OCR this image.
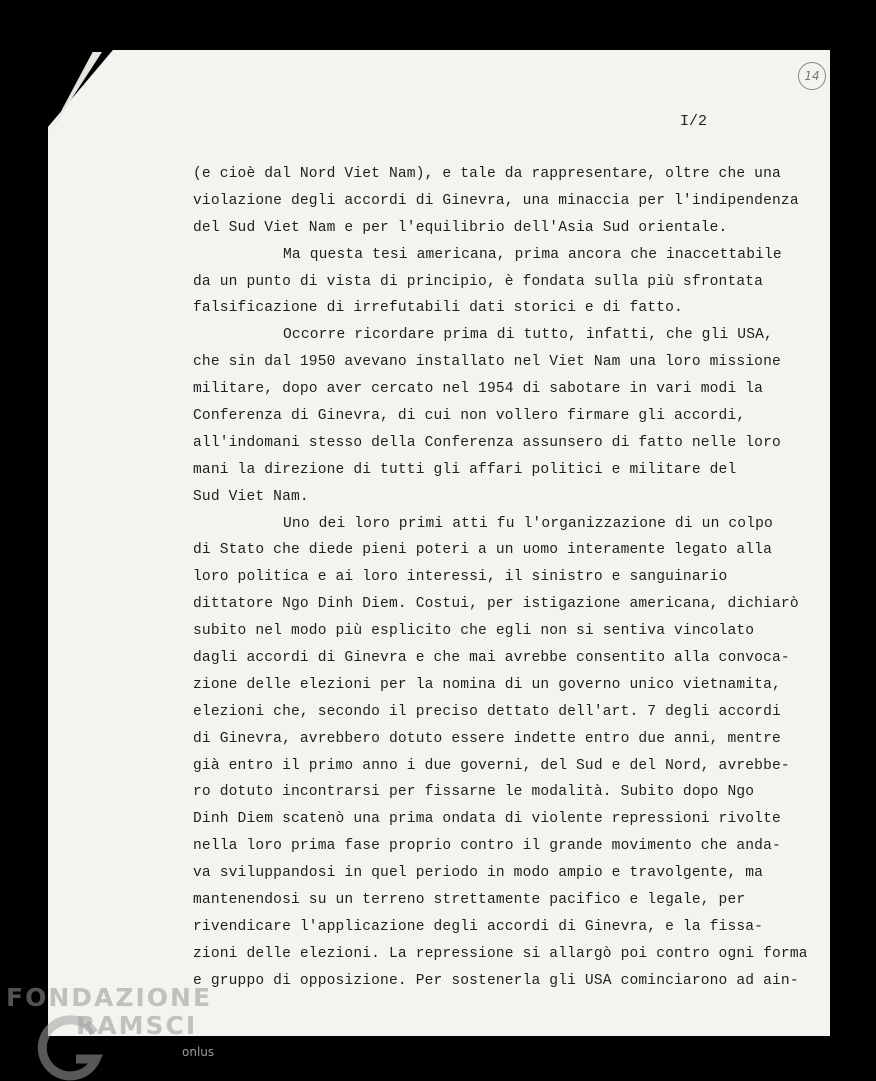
14
I/2
(e cioè dal Nord Viet Nam), e tale da rappresentare, oltre che una
violazione degli accordi di Ginevra, una minaccia per l'indipendenza
del Sud Viet Nam e per l'equilibrio dell'Asia Sud orientale.
Ma questa tesi americana, prima ancora che inaccettabile
da un punto di vista di principio, è fondata sulla più sfrontata
falsificazione di irrefutabili dati storici e di fatto.
Occorre ricordare prima di tutto, infatti, che gli USA,
che sin dal 1950 avevano installato nel Viet Nam una loro missione
militare, dopo aver cercato nel 1954 di sabotare in vari modi la
Conferenza di Ginevra, di cui non vollero firmare gli accordi,
all'indomani stesso della Conferenza assunsero di fatto nelle loro
mani la direzione di tutti gli affari politici e militare del
Sud Viet Nam.
Uno dei loro primi atti fu l'organizzazione di un colpo
di Stato che diede pieni poteri a un uomo interamente legato alla
loro politica e ai loro interessi, il sinistro e sanguinario
dittatore Ngo Dinh Diem. Costui, per istigazione americana, dichiarò
subito nel modo più esplicito che egli non si sentiva vincolato
dagli accordi di Ginevra e che mai avrebbe consentito alla convoca-
zione delle elezioni per la nomina di un governo unico vietnamita,
elezioni che, secondo il preciso dettato dell'art. 7 degli accordi
di Ginevra, avrebbero dotuto essere indette entro due anni, mentre
già entro il primo anno i due governi, del Sud e del Nord, avrebbe-
ro dotuto incontrarsi per fissarne le modalità. Subito dopo Ngo
Dinh Diem scatenò una prima ondata di violente repressioni rivolte
nella loro prima fase proprio contro il grande movimento che anda-
va sviluppandosi in quel periodo in modo ampio e travolgente, ma
mantenendosi su un terreno strettamente pacifico e legale, per
rivendicare l'applicazione degli accordi di Ginevra, e la fissa-
zioni delle elezioni. La repressione si allargò poi contro ogni forma
e gruppo di opposizione. Per sostenerla gli USA cominciarono ad ain-
FONDAZIONE
RAMSCI
onlus
